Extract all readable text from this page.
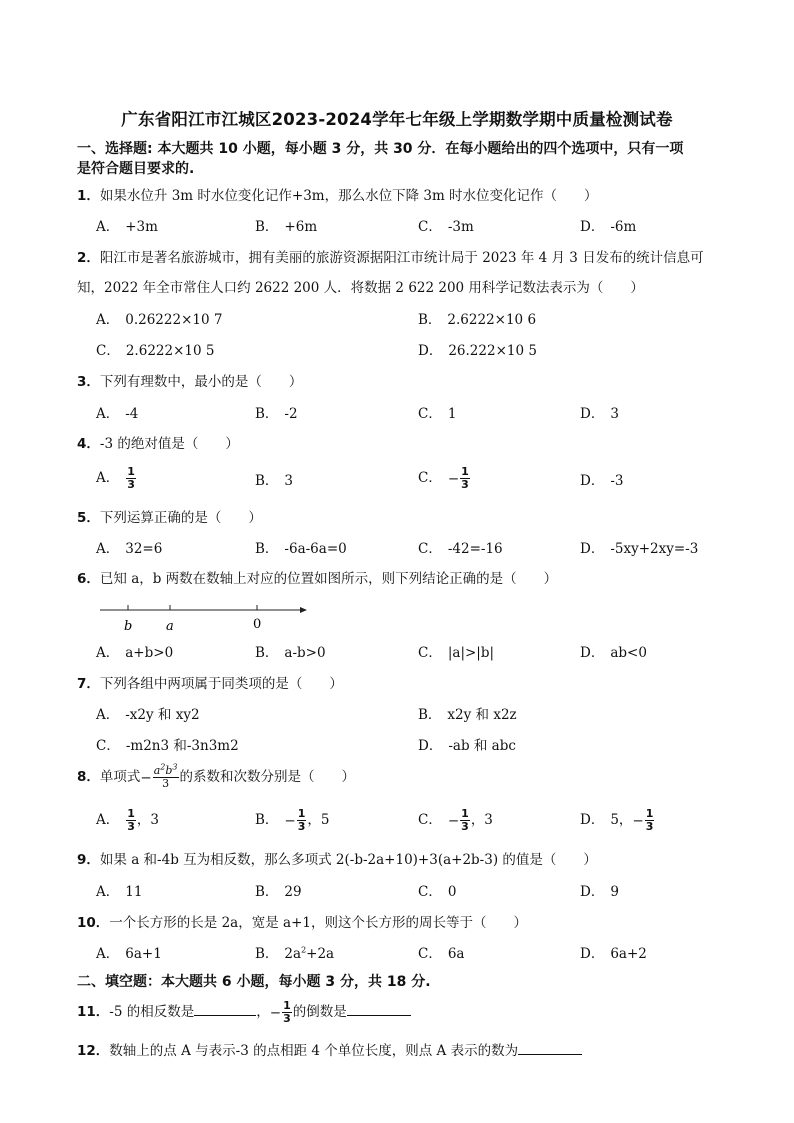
广东省阳江市江城区2023-2024学年七年级上学期数学期中质量检测试卷
一、选择题: 本大题共 10 小题，每小题 3 分，共 30 分．在每小题给出的四个选项中，只有一项
是符合题目要求的.
1．如果水位升 3m 时水位变化记作+3m，那么水位下降 3m 时水位变化记作（　　）
A． +3m	B． +6m	C． -3m	D． -6m
2．阳江市是著名旅游城市，拥有美丽的旅游资源据阳江市统计局于 2023 年 4 月 3 日发布的统计信息可
知，2022 年全市常住人口约 2622 200 人．将数据 2 622 200 用科学记数法表示为（　　）
A． 0.26222×10 7	B． 2.6222×10 6
C． 2.6222×10 5	D． 26.222×10 5
3．下列有理数中，最小的是（　　）
A． -4	B． -2	C． 1	D． 3
4．-3 的绝对值是（　　）
A． $\frac{1}{3}$	B． 3	C． − $\frac{1}{3}$	D． -3
5．下列运算正确的是（　　）
A． 32=6	B． -6a-6a=0	C． -42=-16	D． -5xy+2xy=-3
6．已知 a，b 两数在数轴上对应的位置如图所示，则下列结论正确的是（　　）
b	a	0
A． a+b>0	B． a-b>0	C． |a|>|b|	D． ab<0
7．下列各组中两项属于同类项的是（　　）
A． -x2y 和 xy2	B． x2y 和 x2z
C． -m2n3 和-3n3m2	D． -ab 和 abc
8．单项式− $\frac{a^2b^3}{3}$ 的系数和次数分别是（　　）
A． $\frac{1}{3}$ ，3	B． − $\frac{1}{3}$ ，5	C． − $\frac{1}{3}$ ，3	D． 5，− $\frac{1}{3}$
9．如果 a 和-4b 互为相反数，那么多项式 2(-b-2a+10)+3(a+2b-3) 的值是（　　）
A． 11	B． 29	C． 0	D． 9
10．一个长方形的长是 2a，宽是 a+1，则这个长方形的周长等于（　　）
A． 6a+1	B． $2a^2+2a$	C． 6a	D． 6a+2
二、填空题：本大题共 6 小题，每小题 3 分，共 18 分.
11．-5 的相反数是	，− $\frac{1}{3}$ 的倒数是
12．数轴上的点 A 与表示-3 的点相距 4 个单位长度，则点 A 表示的数为
